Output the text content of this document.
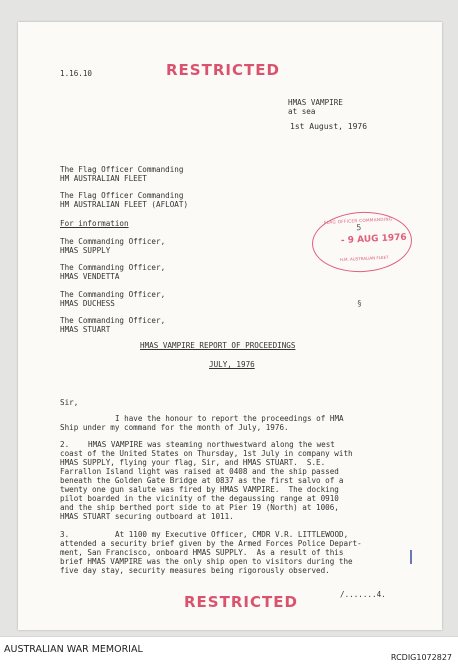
1.16.10	RESTRICTED
HMAS VAMPIRE
at sea
1st August, 1976
The Flag Officer Commanding
HM AUSTRALIAN FLEET
The Flag Officer Commanding
HM AUSTRALIAN FLEET (AFLOAT)
For information
The Commanding Officer,
HMAS SUPPLY
The Commanding Officer,
HMAS VENDETTA
The Commanding Officer,
HMAS DUCHESS
The Commanding Officer,
HMAS STUART
§
FLAG OFFICER COMMANDING
5
- 9 AUG 1976
H.M. AUSTRALIAN FLEET
HMAS VAMPIRE REPORT OF PROCEEDINGS
JULY, 1976
Sir,
I have the honour to report the proceedings of HMA
Ship under my command for the month of July, 1976.
2. HMAS VAMPIRE was steaming northwestward along the west
coast of the United States on Thursday, 1st July in company with
HMAS SUPPLY, flying your flag, Sir, and HMAS STUART.  S.E.
Farrallon Island light was raised at 0408 and the ship passed
beneath the Golden Gate Bridge at 0837 as the first salvo of a
twenty one gun salute was fired by HMAS VAMPIRE.  The docking
pilot boarded in the vicinity of the degaussing range at 0910
and the ship berthed port side to at Pier 19 (North) at 1006,
HMAS STUART securing outboard at 1011.
3.	At 1100 my Executive Officer, CMDR V.R. LITTLEWOOD,
attended a security brief given by the Armed Forces Police Depart-
ment, San Francisco, onboard HMAS SUPPLY.  As a result of this
brief HMAS VAMPIRE was the only ship open to visitors during the
five day stay, security measures being rigorously observed.
/.......4.
RESTRICTED
AUSTRALIAN WAR MEMORIAL
RCDIG1072827
